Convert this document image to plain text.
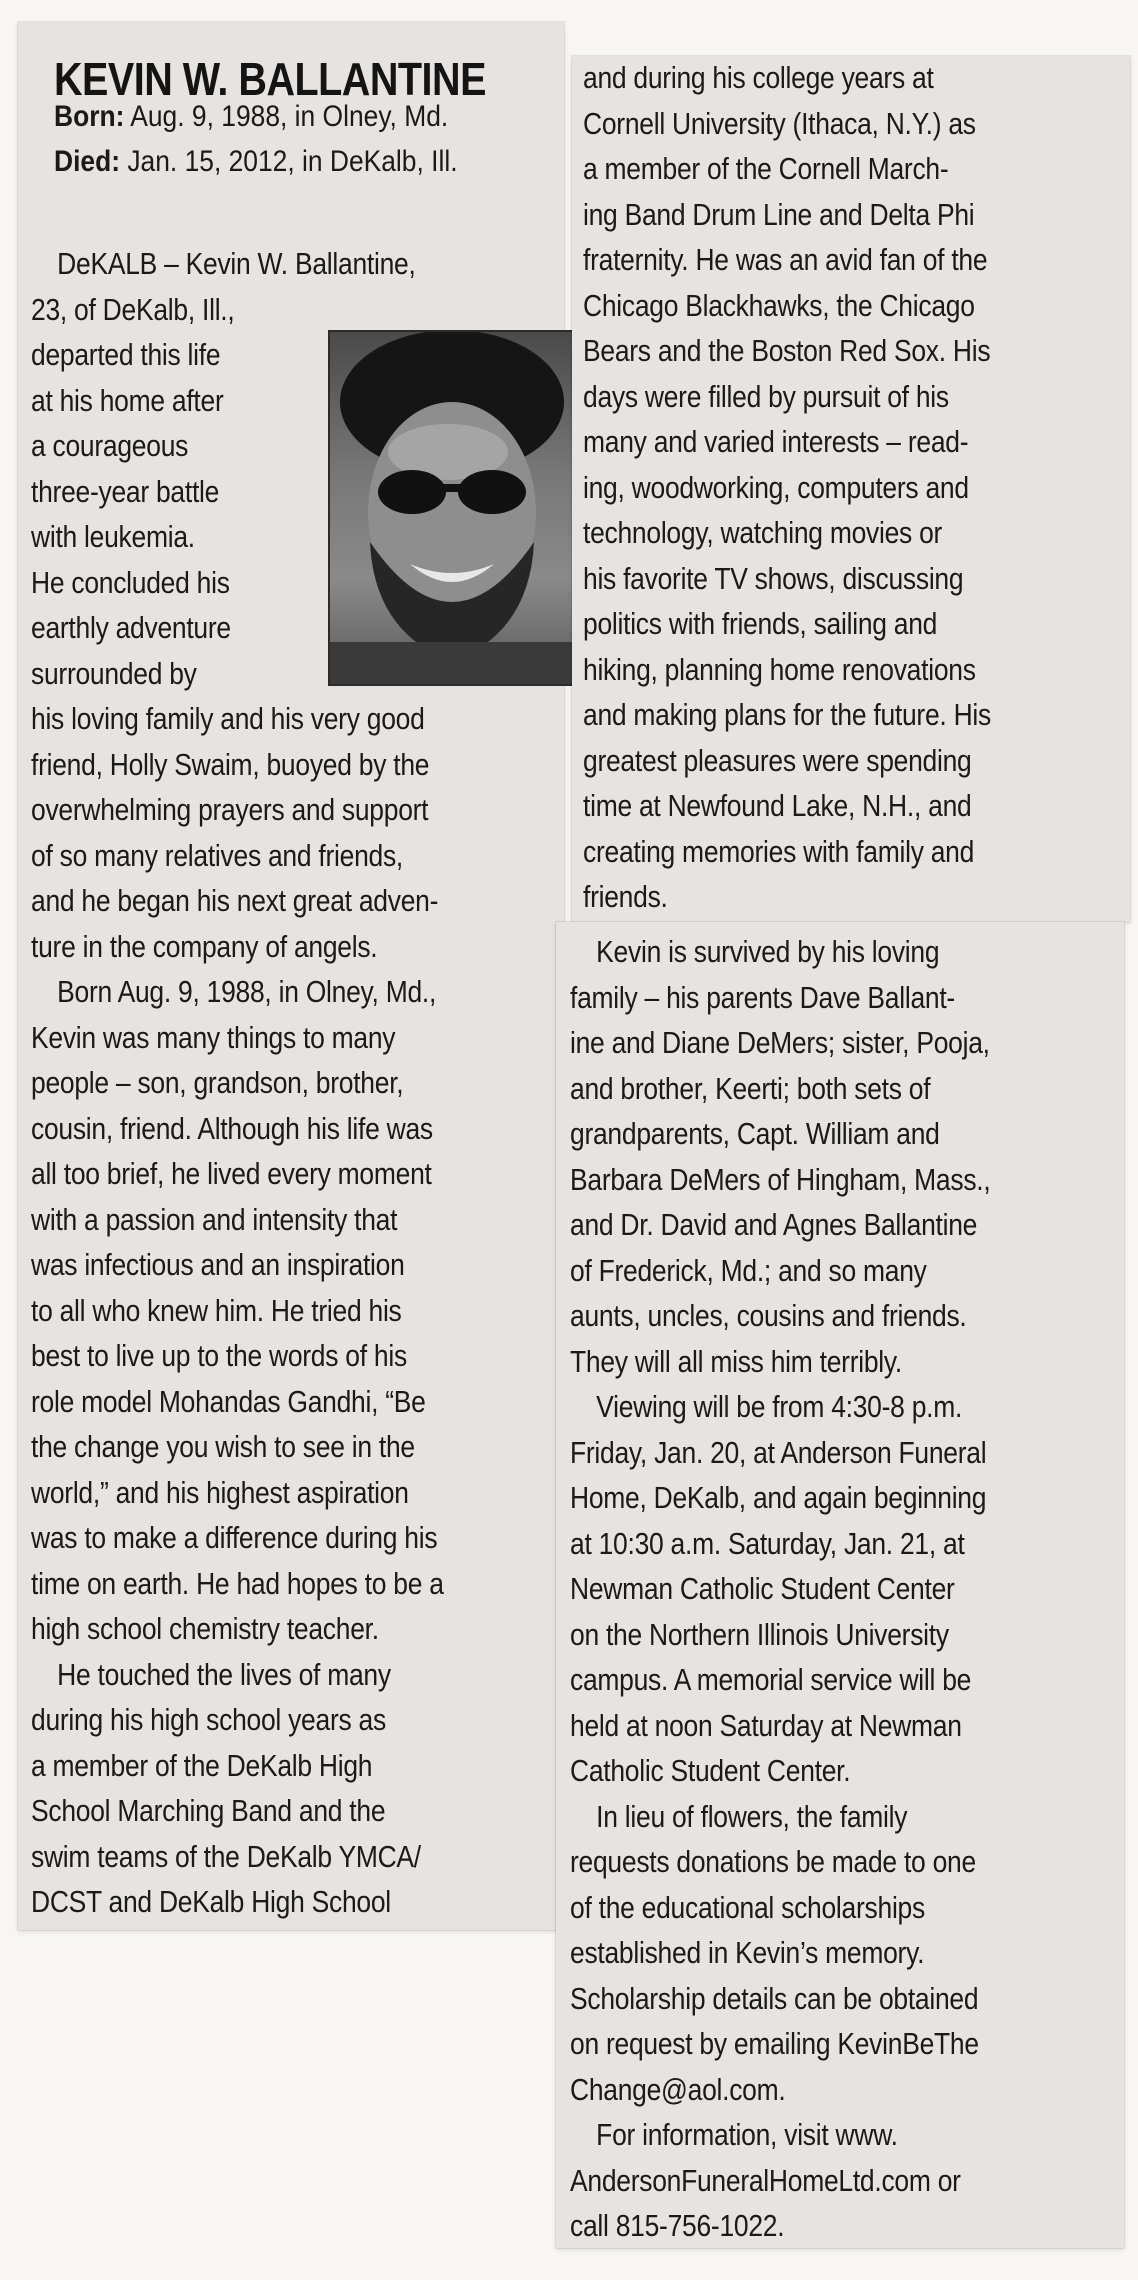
KEVIN W. BALLANTINE
Born: Aug. 9, 1988, in Olney, Md.
Died: Jan. 15, 2012, in DeKalb, Ill.
 DeKALB – Kevin W. Ballantine,
23, of DeKalb, Ill.,
departed this life
at his home after
a courageous
three-year battle
with leukemia.
He concluded his
earthly adventure
surrounded by
his loving family and his very good
friend, Holly Swaim, buoyed by the
overwhelming prayers and support
of so many relatives and friends,
and he began his next great adven-
ture in the company of angels.
 Born Aug. 9, 1988, in Olney, Md.,
Kevin was many things to many
people – son, grandson, brother,
cousin, friend. Although his life was
all too brief, he lived every moment
with a passion and intensity that
was infectious and an inspiration
to all who knew him. He tried his
best to live up to the words of his
role model Mohandas Gandhi, “Be
the change you wish to see in the
world,” and his highest aspiration
was to make a difference during his
time on earth. He had hopes to be a
high school chemistry teacher.
 He touched the lives of many
during his high school years as
a member of the DeKalb High
School Marching Band and the
swim teams of the DeKalb YMCA/
DCST and DeKalb High School
and during his college years at
Cornell University (Ithaca, N.Y.) as
a member of the Cornell March-
ing Band Drum Line and Delta Phi
fraternity. He was an avid fan of the
Chicago Blackhawks, the Chicago
Bears and the Boston Red Sox. His
days were filled by pursuit of his
many and varied interests – read-
ing, woodworking, computers and
technology, watching movies or
his favorite TV shows, discussing
politics with friends, sailing and
hiking, planning home renovations
and making plans for the future. His
greatest pleasures were spending
time at Newfound Lake, N.H., and
creating memories with family and
friends.
 Kevin is survived by his loving
family – his parents Dave Ballant-
ine and Diane DeMers; sister, Pooja,
and brother, Keerti; both sets of
grandparents, Capt. William and
Barbara DeMers of Hingham, Mass.,
and Dr. David and Agnes Ballantine
of Frederick, Md.; and so many
aunts, uncles, cousins and friends.
They will all miss him terribly.
 Viewing will be from 4:30-8 p.m.
Friday, Jan. 20, at Anderson Funeral
Home, DeKalb, and again beginning
at 10:30 a.m. Saturday, Jan. 21, at
Newman Catholic Student Center
on the Northern Illinois University
campus. A memorial service will be
held at noon Saturday at Newman
Catholic Student Center.
 In lieu of flowers, the family
requests donations be made to one
of the educational scholarships
established in Kevin’s memory.
Scholarship details can be obtained
on request by emailing KevinBeThe
Change@aol.com.
 For information, visit www.
AndersonFuneralHomeLtd.com or
call 815-756-1022.
